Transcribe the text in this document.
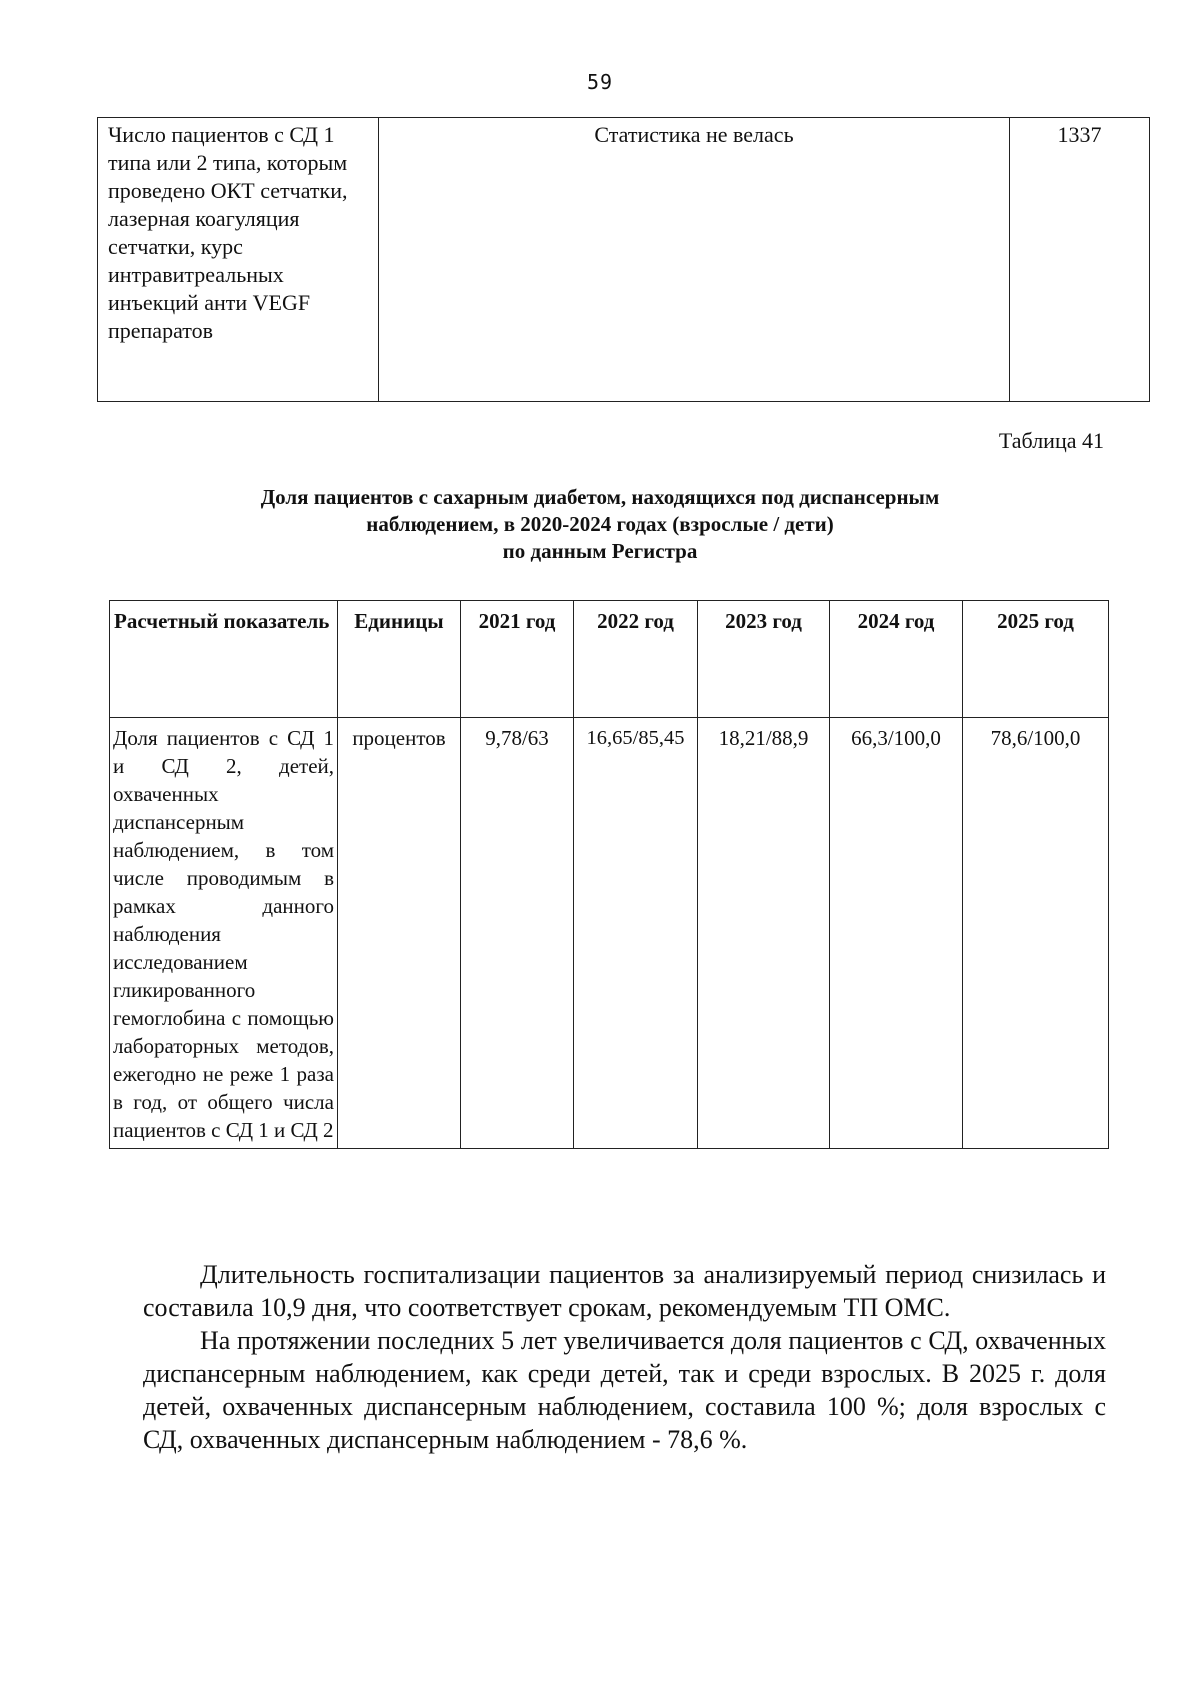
59
Число пациентов с СД 1 типа или 2 типа, которым проведено ОКТ сетчатки, лазерная коагуляция сетчатки, курс интравитреальных инъекций анти VEGF препаратов	Статистика не велась	1337
Таблица 41
Доля пациентов с сахарным диабетом, находящихся под диспансерным
наблюдением, в 2020-2024 годах (взрослые / дети)
по данным Регистра
Расчетный показатель	Единицы	2021 год	2022 год	2023 год	2024 год	2025 год
Доля пациентов с СД 1 и СД 2, детей, охваченных диспансерным наблюдением, в том числе проводимым в рамках данного наблюдения исследованием гликированного гемоглобина с помощью лабораторных методов, ежегодно не реже 1 раза в год, от общего числа пациентов с СД 1 и СД 2	процентов	9,78/63	16,65/85,45	18,21/88,9	66,3/100,0	78,6/100,0

Длительность госпитализации пациентов за анализируемый период снизилась и составила 10,9 дня, что соответствует срокам, рекомендуемым ТП ОМС.

На протяжении последних 5 лет увеличивается доля пациентов с СД, охваченных диспансерным наблюдением, как среди детей, так и среди взрослых. В 2025 г. доля детей, охваченных диспансерным наблюдением, составила 100 %; доля взрослых с СД, охваченных диспансерным наблюдением - 78,6 %.
